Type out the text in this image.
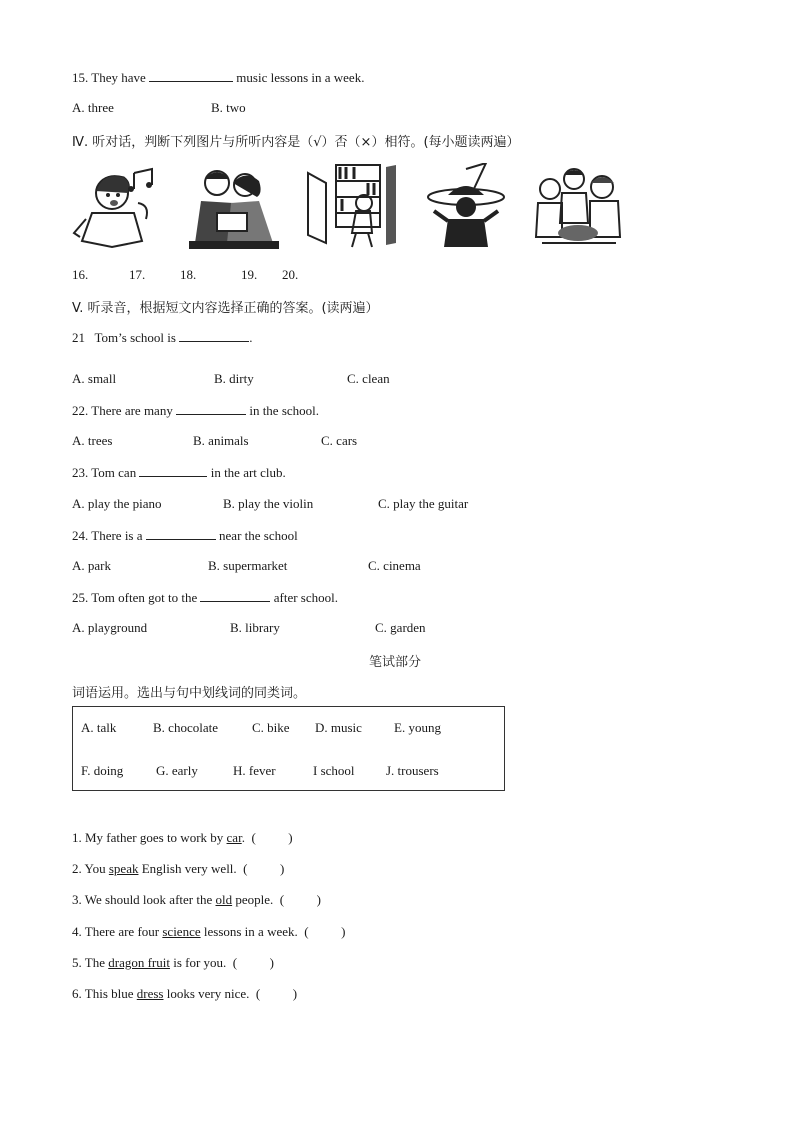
15. They have	music lessons in a week.
A. three	B. two
Ⅳ. 听对话，判断下列图片与所听内容是（√）否（×）相符。(每小题读两遍）
16.	17.	18.	19. 20.
V. 听录音，根据短文内容选择正确的答案。(读两遍）
21 Tom’s school is	.
A. small	B. dirty	C. clean
22. There are many	in the school.
A. trees	B. animals	C. cars
23. Tom can	in the art club.
A. play the piano	B. play the violin	C. play the guitar
24. There is a	near the school
A. park	B. supermarket	C. cinema
25. Tom often got to the	after school.
A. playground	B. library	C. garden
笔试部分
词语运用。选出与句中划线词的同类词。
A. talk	B. chocolate	C. bike D. music E. young
F. doing	G. early	H. fever	I school J. trousers
1. My father goes to work by car.  (          )
2. You speak English very well.  (          )
3. We should look after the old people.  (          )
4. There are four science lessons in a week.  (          )
5. The dragon fruit is for you.  (          )
6. This blue dress looks very nice.  (          )
